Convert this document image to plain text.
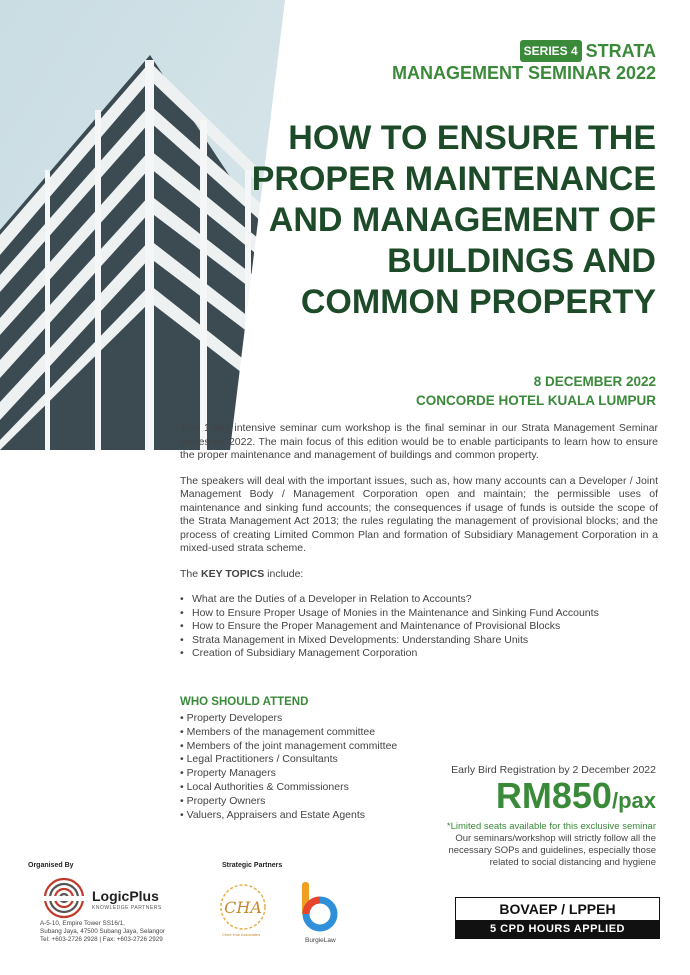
SERIES 4 STRATA
MANAGEMENT SEMINAR 2022
HOW TO ENSURE THE
PROPER MAINTENANCE
AND MANAGEMENT OF
BUILDINGS AND
COMMON PROPERTY
8 DECEMBER 2022
CONCORDE HOTEL KUALA LUMPUR

This 1-day intensive seminar cum workshop is the final seminar in our Strata Management Seminar Series for 2022. The main focus of this edition would be to enable participants to learn how to ensure the proper maintenance and management of buildings and common property.

The speakers will deal with the important issues, such as, how many accounts can a Developer / Joint Management Body / Management Corporation open and maintain; the permissible uses of maintenance and sinking fund accounts; the consequences if usage of funds is outside the scope of the Strata Management Act 2013; the rules regulating the management of provisional blocks; and the process of creating Limited Common Plan and formation of Subsidiary Management Corporation in a mixed-used strata scheme.

The KEY TOPICS include:

• What are the Duties of a Developer in Relation to Accounts?
• How to Ensure Proper Usage of Monies in the Maintenance and Sinking Fund Accounts
• How to Ensure the Proper Management and Maintenance of Provisional Blocks
• Strata Management in Mixed Developments: Understanding Share Units
• Creation of Subsidiary Management Corporation
WHO SHOULD ATTEND
• Property Developers
• Members of the management committee
• Members of the joint management committee
• Legal Practitioners / Consultants
• Property Managers
• Local Authorities & Commissioners
• Property Owners
• Valuers, Appraisers and Estate Agents
Early Bird Registration by 2 December 2022
RM850/pax
*Limited seats available for this exclusive seminar
Our seminars/workshop will strictly follow all the necessary SOPs and guidelines, especially those related to social distancing and hygiene
Organised By	Strategic Partners
LogicPlus
KNOWLEDGE PARTNERS
A-5-10, Empire Tower SS16/1,
Subang Jaya, 47500 Subang Jaya, Selangor
Tel: +603-2726 2928 | Fax: +603-2726 2929
CHA
Chee Hoe Associates
BurgieLaw
BOVAEP / LPPEH
5 CPD HOURS APPLIED
